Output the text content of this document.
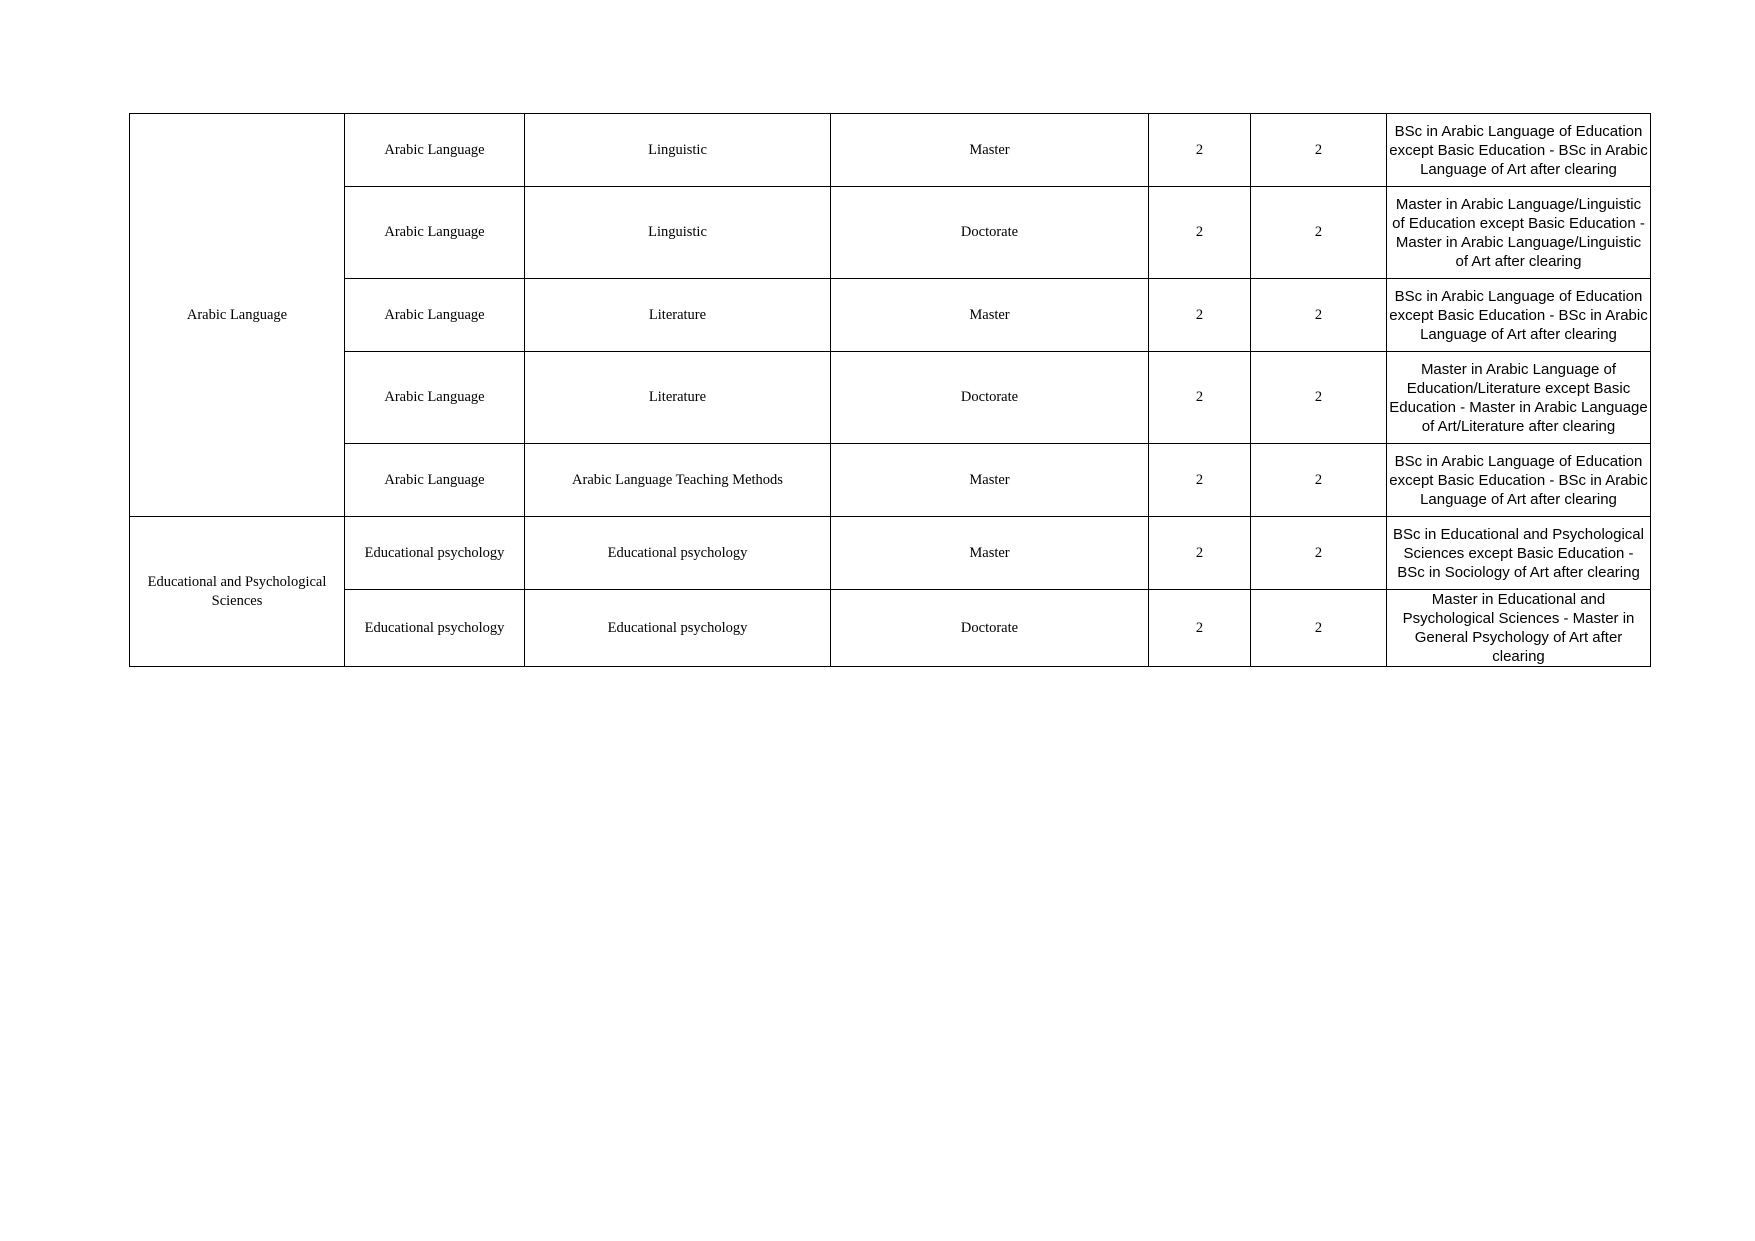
Arabic Language	Arabic Language	Linguistic	Master	2	2	BSc in Arabic Language of Education except Basic Education - BSc in Arabic Language of Art after clearing
	Arabic Language	Linguistic	Doctorate	2	2	Master in Arabic Language/Linguistic of Education except Basic Education - Master in Arabic Language/Linguistic of Art after clearing
	Arabic Language	Literature	Master	2	2	BSc in Arabic Language of Education except Basic Education - BSc in Arabic Language of Art after clearing
	Arabic Language	Literature	Doctorate	2	2	Master in Arabic Language of Education/Literature except Basic Education - Master in Arabic Language of Art/Literature after clearing
	Arabic Language	Arabic Language Teaching Methods	Master	2	2	BSc in Arabic Language of Education except Basic Education - BSc in Arabic Language of Art after clearing
Educational and Psychological Sciences	Educational psychology	Educational psychology	Master	2	2	BSc in Educational and Psychological Sciences except Basic Education - BSc in Sociology of Art after clearing
	Educational psychology	Educational psychology	Doctorate	2	2	Master in Educational and Psychological Sciences - Master in General Psychology of Art after clearing
